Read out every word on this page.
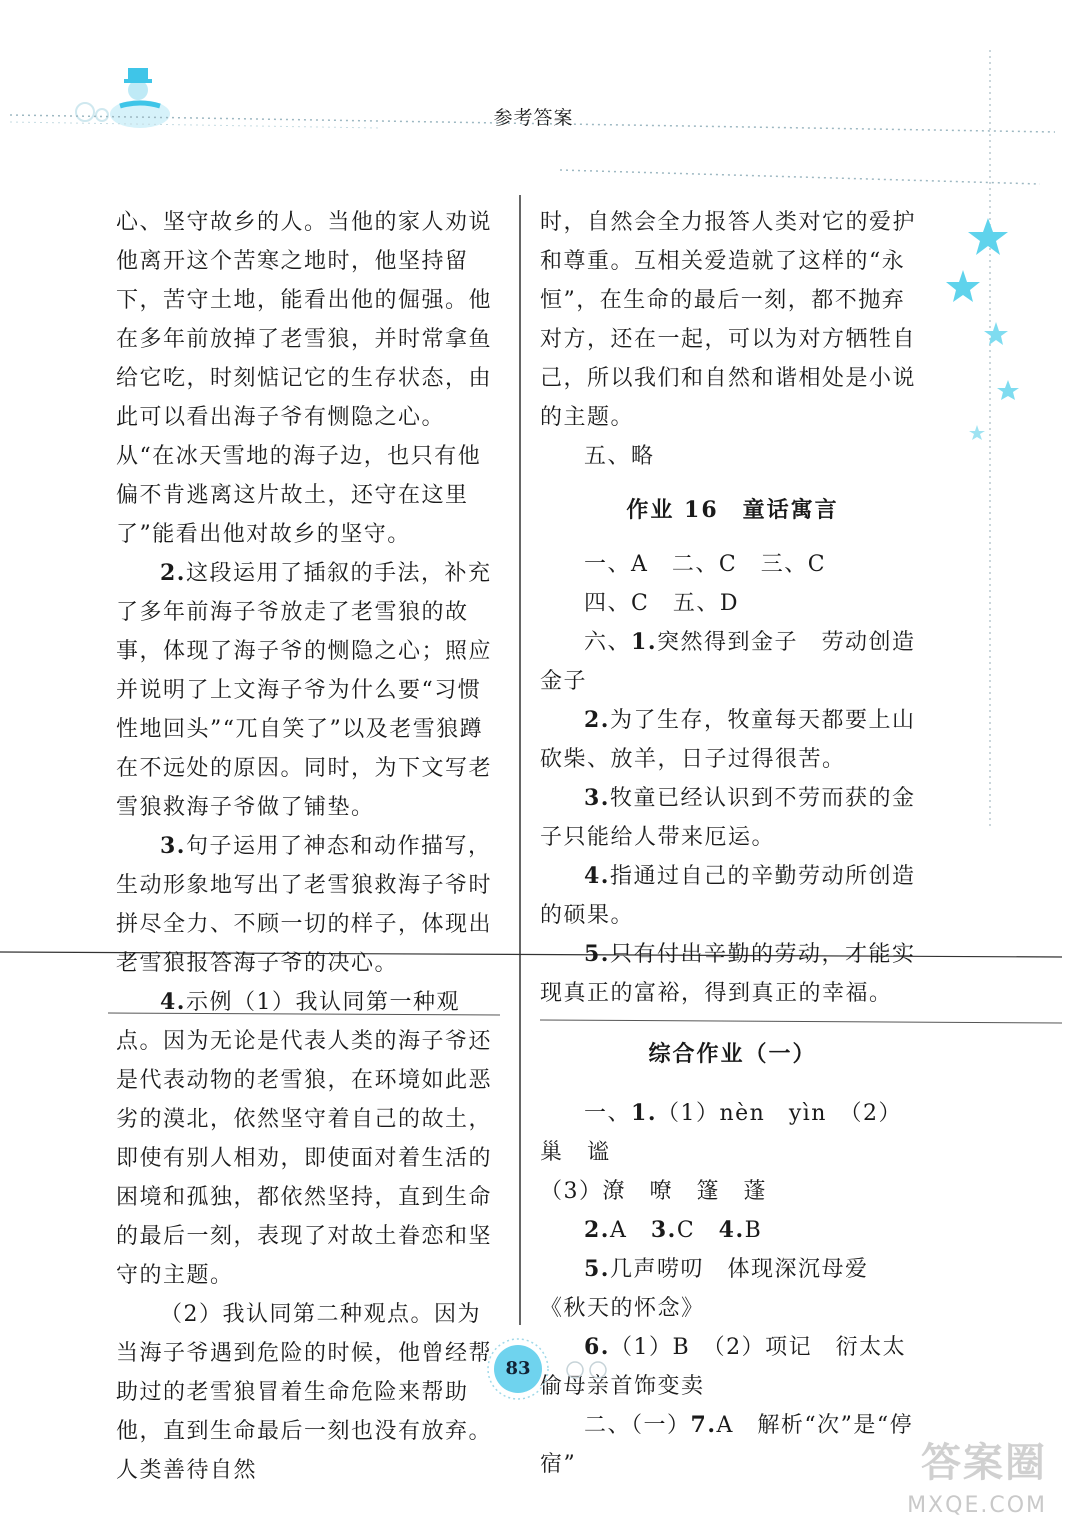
参考答案

心、坚守故乡的人。当他的家人劝说他离开这个苦寒之地时，他坚持留下，苦守土地，能看出他的倔强。他在多年前放掉了老雪狼，并时常拿鱼给它吃，时刻惦记它的生存状态，由此可以看出海子爷有恻隐之心。从“在冰天雪地的海子边，也只有他偏不肯逃离这片故土，还守在这里了”能看出他对故乡的坚守。

2.这段运用了插叙的手法，补充了多年前海子爷放走了老雪狼的故事，体现了海子爷的恻隐之心；照应并说明了上文海子爷为什么要“习惯性地回头”“兀自笑了”以及老雪狼蹲在不远处的原因。同时，为下文写老雪狼救海子爷做了铺垫。

3.句子运用了神态和动作描写，生动形象地写出了老雪狼救海子爷时拼尽全力、不顾一切的样子，体现出老雪狼报答海子爷的决心。

4.示例（1）我认同第一种观点。因为无论是代表人类的海子爷还是代表动物的老雪狼，在环境如此恶劣的漠北，依然坚守着自己的故土，即使有别人相劝，即使面对着生活的困境和孤独，都依然坚持，直到生命的最后一刻，表现了对故土眷恋和坚守的主题。

（2）我认同第二种观点。因为当海子爷遇到危险的时候，他曾经帮助过的老雪狼冒着生命危险来帮助他，直到生命最后一刻也没有放弃。人类善待自然

时，自然会全力报答人类对它的爱护和尊重。互相关爱造就了这样的“永恒”，在生命的最后一刻，都不抛弃对方，还在一起，可以为对方牺牲自己，所以我们和自然和谐相处是小说的主题。

五、略

作业 16　童话寓言

一、A　二、C　三、C

四、C　五、D

六、1.突然得到金子　劳动创造金子

2.为了生存，牧童每天都要上山砍柴、放羊，日子过得很苦。

3.牧童已经认识到不劳而获的金子只能给人带来厄运。

4.指通过自己的辛勤劳动所创造的硕果。

5.只有付出辛勤的劳动，才能实现真正的富裕，得到真正的幸福。

综合作业（一）

一、1.（1）nèn　yìn　（2）巢　谧

（3）潦　嘹　篷　蓬

2.A　3.C　4.B

5.几声唠叨　体现深沉母爱　《秋天的怀念》

6.（1）B　（2）项记　衍太太　偷母亲首饰变卖

二、（一）7.A　解析“次”是“停宿”

83
答案圈
MXQE.COM
